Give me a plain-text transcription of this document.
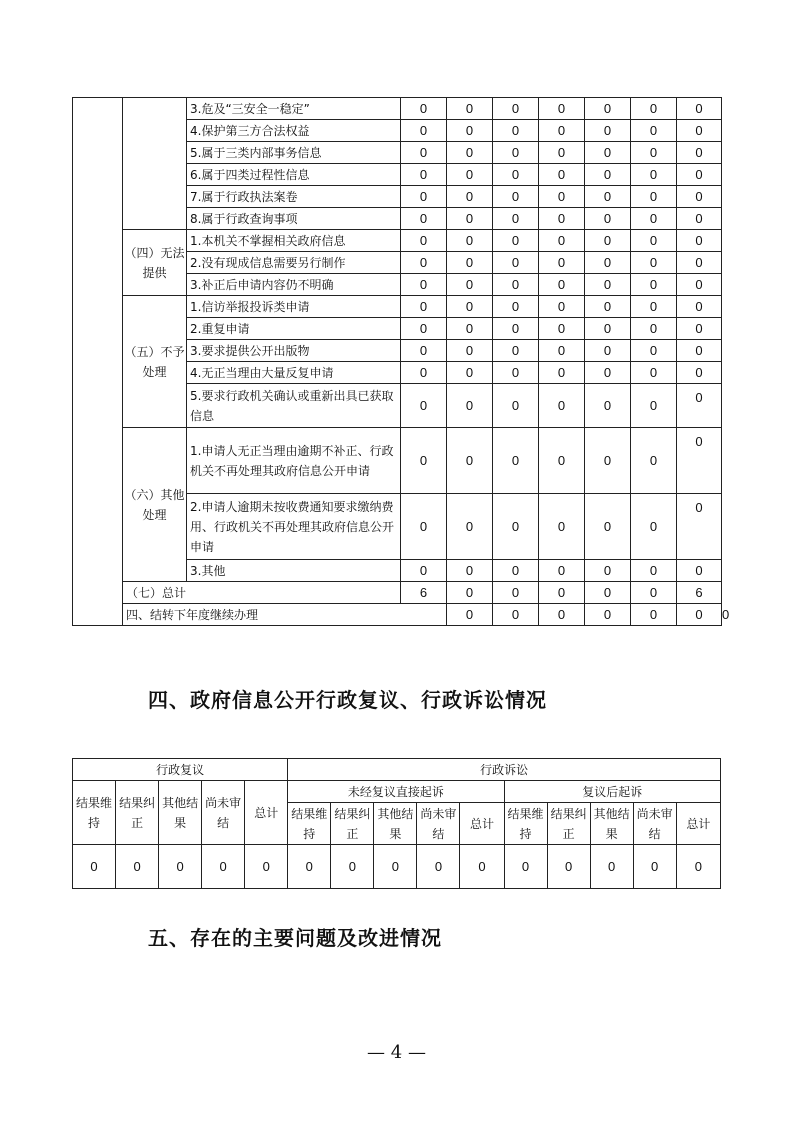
		3.危及“三安全一稳定”	0	0	0	0	0	0	0	
		4.保护第三方合法权益	0	0	0	0	0	0	0	
		5.属于三类内部事务信息	0	0	0	0	0	0	0	
		6.属于四类过程性信息	0	0	0	0	0	0	0	
		7.属于行政执法案卷	0	0	0	0	0	0	0	
		8.属于行政查询事项	0	0	0	0	0	0	0	
	（四）无法提供	1.本机关不掌握相关政府信息	0	0	0	0	0	0	0	
		2.没有现成信息需要另行制作	0	0	0	0	0	0	0	
		3.补正后申请内容仍不明确	0	0	0	0	0	0	0	
	（五）不予处理	1.信访举报投诉类申请	0	0	0	0	0	0	0	
		2.重复申请	0	0	0	0	0	0	0	
		3.要求提供公开出版物	0	0	0	0	0	0	0	
		4.无正当理由大量反复申请	0	0	0	0	0	0	0	
		5.要求行政机关确认或重新出具已获取信息	0	0	0	0	0	0	0	
	（六）其他处理	1.申请人无正当理由逾期不补正、行政机关不再处理其政府信息公开申请	0	0	0	0	0	0	0	
		2.申请人逾期未按收费通知要求缴纳费用、行政机关不再处理其政府信息公开申请	0	0	0	0	0	0	0	
		3.其他	0	0	0	0	0	0	0	
	（七）总计		6	0	0	0	0	0	6	
	四、结转下年度继续办理			0	0	0	0	0	0	0
四、政府信息公开行政复议、行政诉讼情况
行政复议					行政诉讼									
结果维持	结果纠正	其他结果	尚未审结	总计	未经复议直接起诉					复议后起诉				
					结果维持	结果纠正	其他结果	尚未审结	总计	结果维持	结果纠正	其他结果	尚未审结	总计
0	0	0	0	0	0	0	0	0	0	0	0	0	0	0
五、存在的主要问题及改进情况
— 4 —
